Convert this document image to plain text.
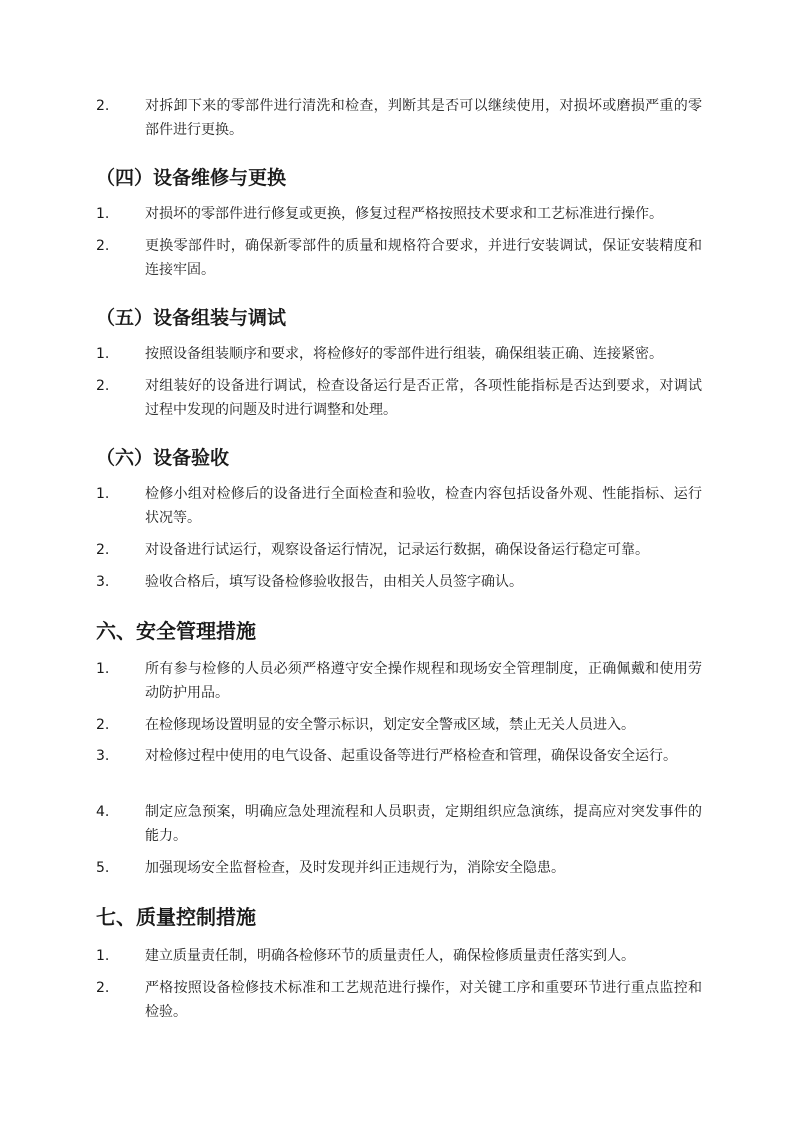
2.	对拆卸下来的零部件进行清洗和检查，判断其是否可以继续使用，对损坏或磨损严重的零部件进行更换。
（四）设备维修与更换
1.	对损坏的零部件进行修复或更换，修复过程严格按照技术要求和工艺标准进行操作。
2.	更换零部件时，确保新零部件的质量和规格符合要求，并进行安装调试，保证安装精度和连接牢固。
（五）设备组装与调试
1.	按照设备组装顺序和要求，将检修好的零部件进行组装，确保组装正确、连接紧密。
2.	对组装好的设备进行调试，检查设备运行是否正常，各项性能指标是否达到要求，对调试过程中发现的问题及时进行调整和处理。
（六）设备验收
1.	检修小组对检修后的设备进行全面检查和验收，检查内容包括设备外观、性能指标、运行状况等。
2.	对设备进行试运行，观察设备运行情况，记录运行数据，确保设备运行稳定可靠。
3.	验收合格后，填写设备检修验收报告，由相关人员签字确认。
六、安全管理措施
1.	所有参与检修的人员必须严格遵守安全操作规程和现场安全管理制度，正确佩戴和使用劳动防护用品。
2.	在检修现场设置明显的安全警示标识，划定安全警戒区域，禁止无关人员进入。
3.	对检修过程中使用的电气设备、起重设备等进行严格检查和管理，确保设备安全运行。
4.	制定应急预案，明确应急处理流程和人员职责，定期组织应急演练，提高应对突发事件的能力。
5.	加强现场安全监督检查，及时发现并纠正违规行为，消除安全隐患。
七、质量控制措施
1.	建立质量责任制，明确各检修环节的质量责任人，确保检修质量责任落实到人。
2.	严格按照设备检修技术标准和工艺规范进行操作，对关键工序和重要环节进行重点监控和检验。
